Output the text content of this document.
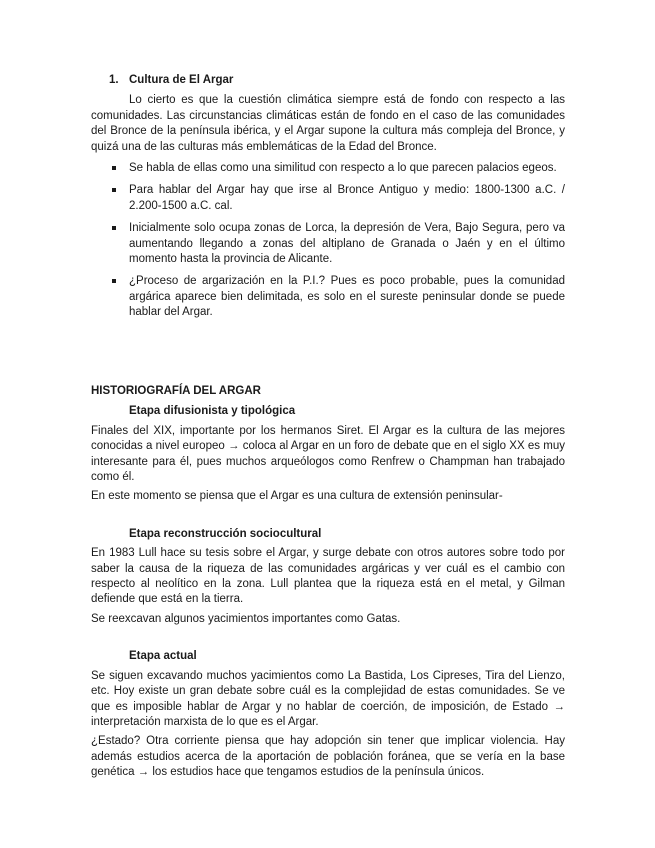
1. Cultura de El Argar

Lo cierto es que la cuestión climática siempre está de fondo con respecto a las comunidades. Las circunstancias climáticas están de fondo en el caso de las comunidades del Bronce de la península ibérica, y el Argar supone la cultura más compleja del Bronce, y quizá una de las culturas más emblemáticas de la Edad del Bronce.

Se habla de ellas como una similitud con respecto a lo que parecen palacios egeos.
Para hablar del Argar hay que irse al Bronce Antiguo y medio: 1800-1300 a.C. / 2.200-1500 a.C. cal.
Inicialmente solo ocupa zonas de Lorca, la depresión de Vera, Bajo Segura, pero va aumentando llegando a zonas del altiplano de Granada o Jaén y en el último momento hasta la provincia de Alicante.
¿Proceso de argarización en la P.I.? Pues es poco probable, pues la comunidad argárica aparece bien delimitada, es solo en el sureste peninsular donde se puede hablar del Argar.
HISTORIOGRAFÍA DEL ARGAR
Etapa difusionista y tipológica

Finales del XIX, importante por los hermanos Siret. El Argar es la cultura de las mejores conocidas a nivel europeo → coloca al Argar en un foro de debate que en el siglo XX es muy interesante para él, pues muchos arqueólogos como Renfrew o Champman han trabajado como él.

En este momento se piensa que el Argar es una cultura de extensión peninsular-

Etapa reconstrucción sociocultural

En 1983 Lull hace su tesis sobre el Argar, y surge debate con otros autores sobre todo por saber la causa de la riqueza de las comunidades argáricas y ver cuál es el cambio con respecto al neolítico en la zona. Lull plantea que la riqueza está en el metal, y Gilman defiende que está en la tierra.

Se reexcavan algunos yacimientos importantes como Gatas.

Etapa actual

Se siguen excavando muchos yacimientos como La Bastida, Los Cipreses, Tira del Lienzo, etc. Hoy existe un gran debate sobre cuál es la complejidad de estas comunidades. Se ve que es imposible hablar de Argar y no hablar de coerción, de imposición, de Estado → interpretación marxista de lo que es el Argar.

¿Estado? Otra corriente piensa que hay adopción sin tener que implicar violencia. Hay además estudios acerca de la aportación de población foránea, que se vería en la base genética → los estudios hace que tengamos estudios de la península únicos.
